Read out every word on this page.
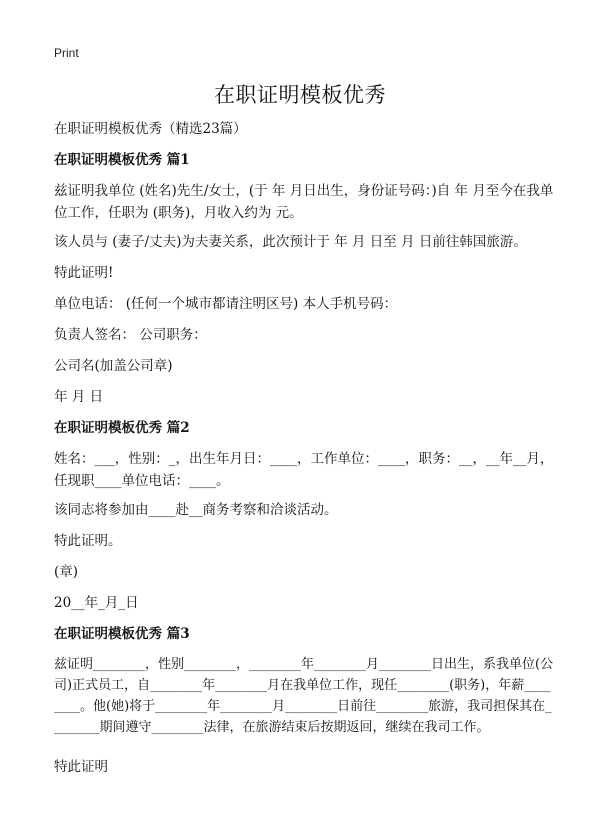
Print
在职证明模板优秀
在职证明模板优秀（精选23篇）
在职证明模板优秀 篇1
兹证明我单位 (姓名)先生/女士，(于 年 月日出生，身份证号码：)自 年 月至今在我单位工作，任职为 (职务)，月收入约为 元。
该人员与 (妻子/丈夫)为夫妻关系，此次预计于 年 月 日至 月 日前往韩国旅游。
特此证明!
单位电话： (任何一个城市都请注明区号) 本人手机号码：
负责人签名： 公司职务：
公司名(加盖公司章)
年 月 日
在职证明模板优秀 篇2
姓名：___，性别：_，出生年月日：____，工作单位：____，职务：__，__年__月，任现职____单位电话：____。
该同志将参加由____赴__商务考察和洽谈活动。
特此证明。
(章)
20__年_月_日
在职证明模板优秀 篇3
兹证明________，性别________，________年________月________日出生，系我单位(公司)正式员工，自________年________月在我单位工作，现任________(职务)，年薪________。他(她)将于________年________月________日前往________旅游，我司担保其在________期间遵守________法律，在旅游结束后按期返回，继续在我司工作。
特此证明
